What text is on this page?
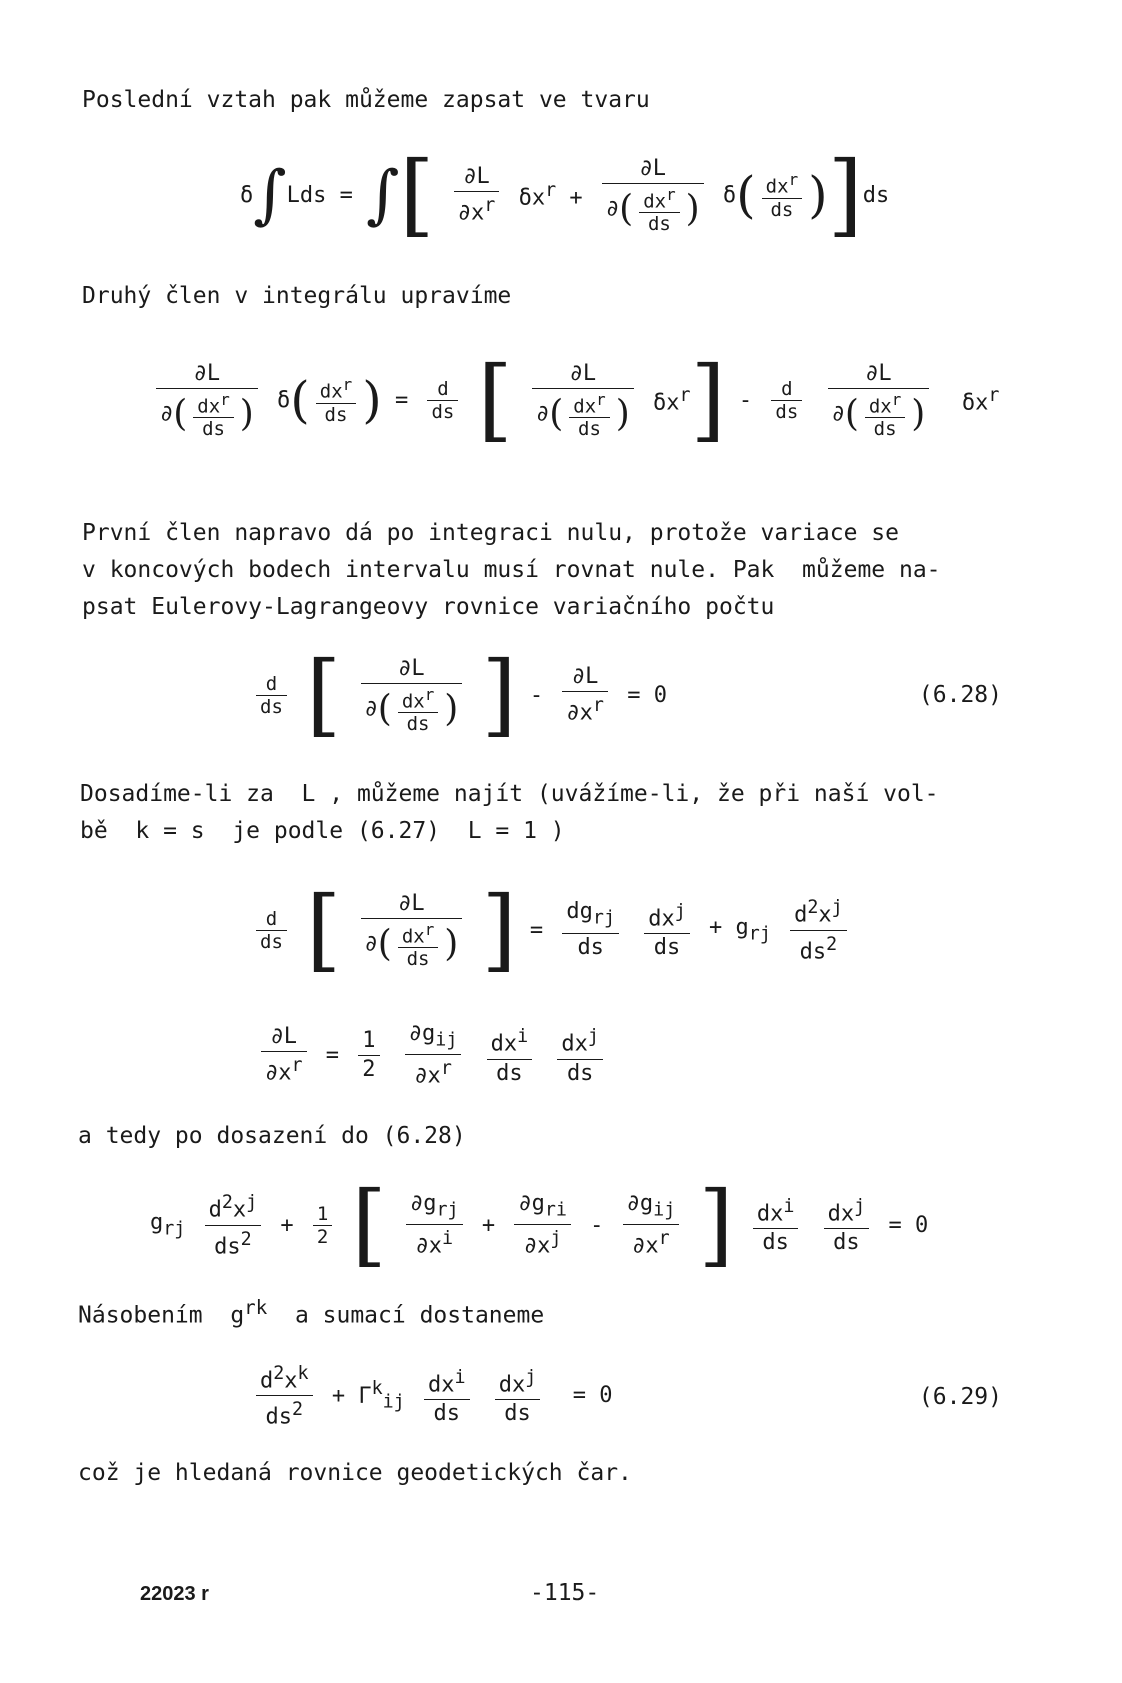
Poslední vztah pak můžeme zapsat ve tvaru
δ∫Lds = ∫[ $\frac{\partial L}{\partial x^r} \delta x^r + \frac{\partial L}{\partial( \frac{dx^r}{ds} )} \delta( \frac{dx^r}{ds} )]ds$
Druhý člen v integrálu upravíme
$\frac{\partial L}{\partial( \frac{dx^r}{ds} )} \delta( \frac{dx^r}{ds}$ ) = $\frac{d}{ds}$ [ $\frac{\partial L}{\partial( \frac{dx^r}{ds} )} \delta x^r] - \frac{d}{ds}$
$\frac{\partial L}{\partial( \frac{dx^r}{ds} )} \delta x^r$
První člen napravo dá po integraci nulu, protože variace se
v koncových bodech intervalu musí rovnat nule. Pak  můžeme na-
psat Eulerovy-Lagrangeovy rovnice variačního počtu
$\frac{d}{ds}$ [ $\frac{\partial L}{\partial( \frac{dx^r}{ds} )}$ ] - $\frac{\partial L}{\partial x^r} = 0$	(6.28)
Dosadíme-li za  L , můžeme najít (uvážíme-li, že při naší vol-
bě  k = s  je podle (6.27)  L = 1 )
$\frac{d}{ds}$ [ $\frac{\partial L}{\partial( \frac{dx^r}{ds} )}$ ] = $\frac{dg_{rj}}{ds}$
$\frac{dx^j}{ds} + g_{rj} \frac{d^2x^j}{ds^2}$
$\frac{\partial L}{\partial x^r} = \frac{1}{2}$
$\frac{\partial g_{ij}}{\partial x^r}$
$\frac{dx^i}{ds}$
$\frac{dx^j}{ds}$
a tedy po dosazení do (6.28)
$g_{rj} \frac{d^2x^j}{ds^2} + \frac{1}{2}$ [ $\frac{\partial g_{rj}}{\partial x^i} + \frac{\partial g_{ri}}{\partial x^j} - \frac{\partial g_{ij}}{\partial x^r}$ ] $\frac{dx^i}{ds}$
$\frac{dx^j}{ds} = 0$
Násobením  $g^{rk}$  a sumací dostaneme
$\frac{d^2x^k}{ds^2} + \Gamma^k_{ij} \frac{dx^i}{ds}$
$\frac{dx^j}{ds} = 0$	(6.29)
což je hledaná rovnice geodetických čar.
22023 r	-115-
